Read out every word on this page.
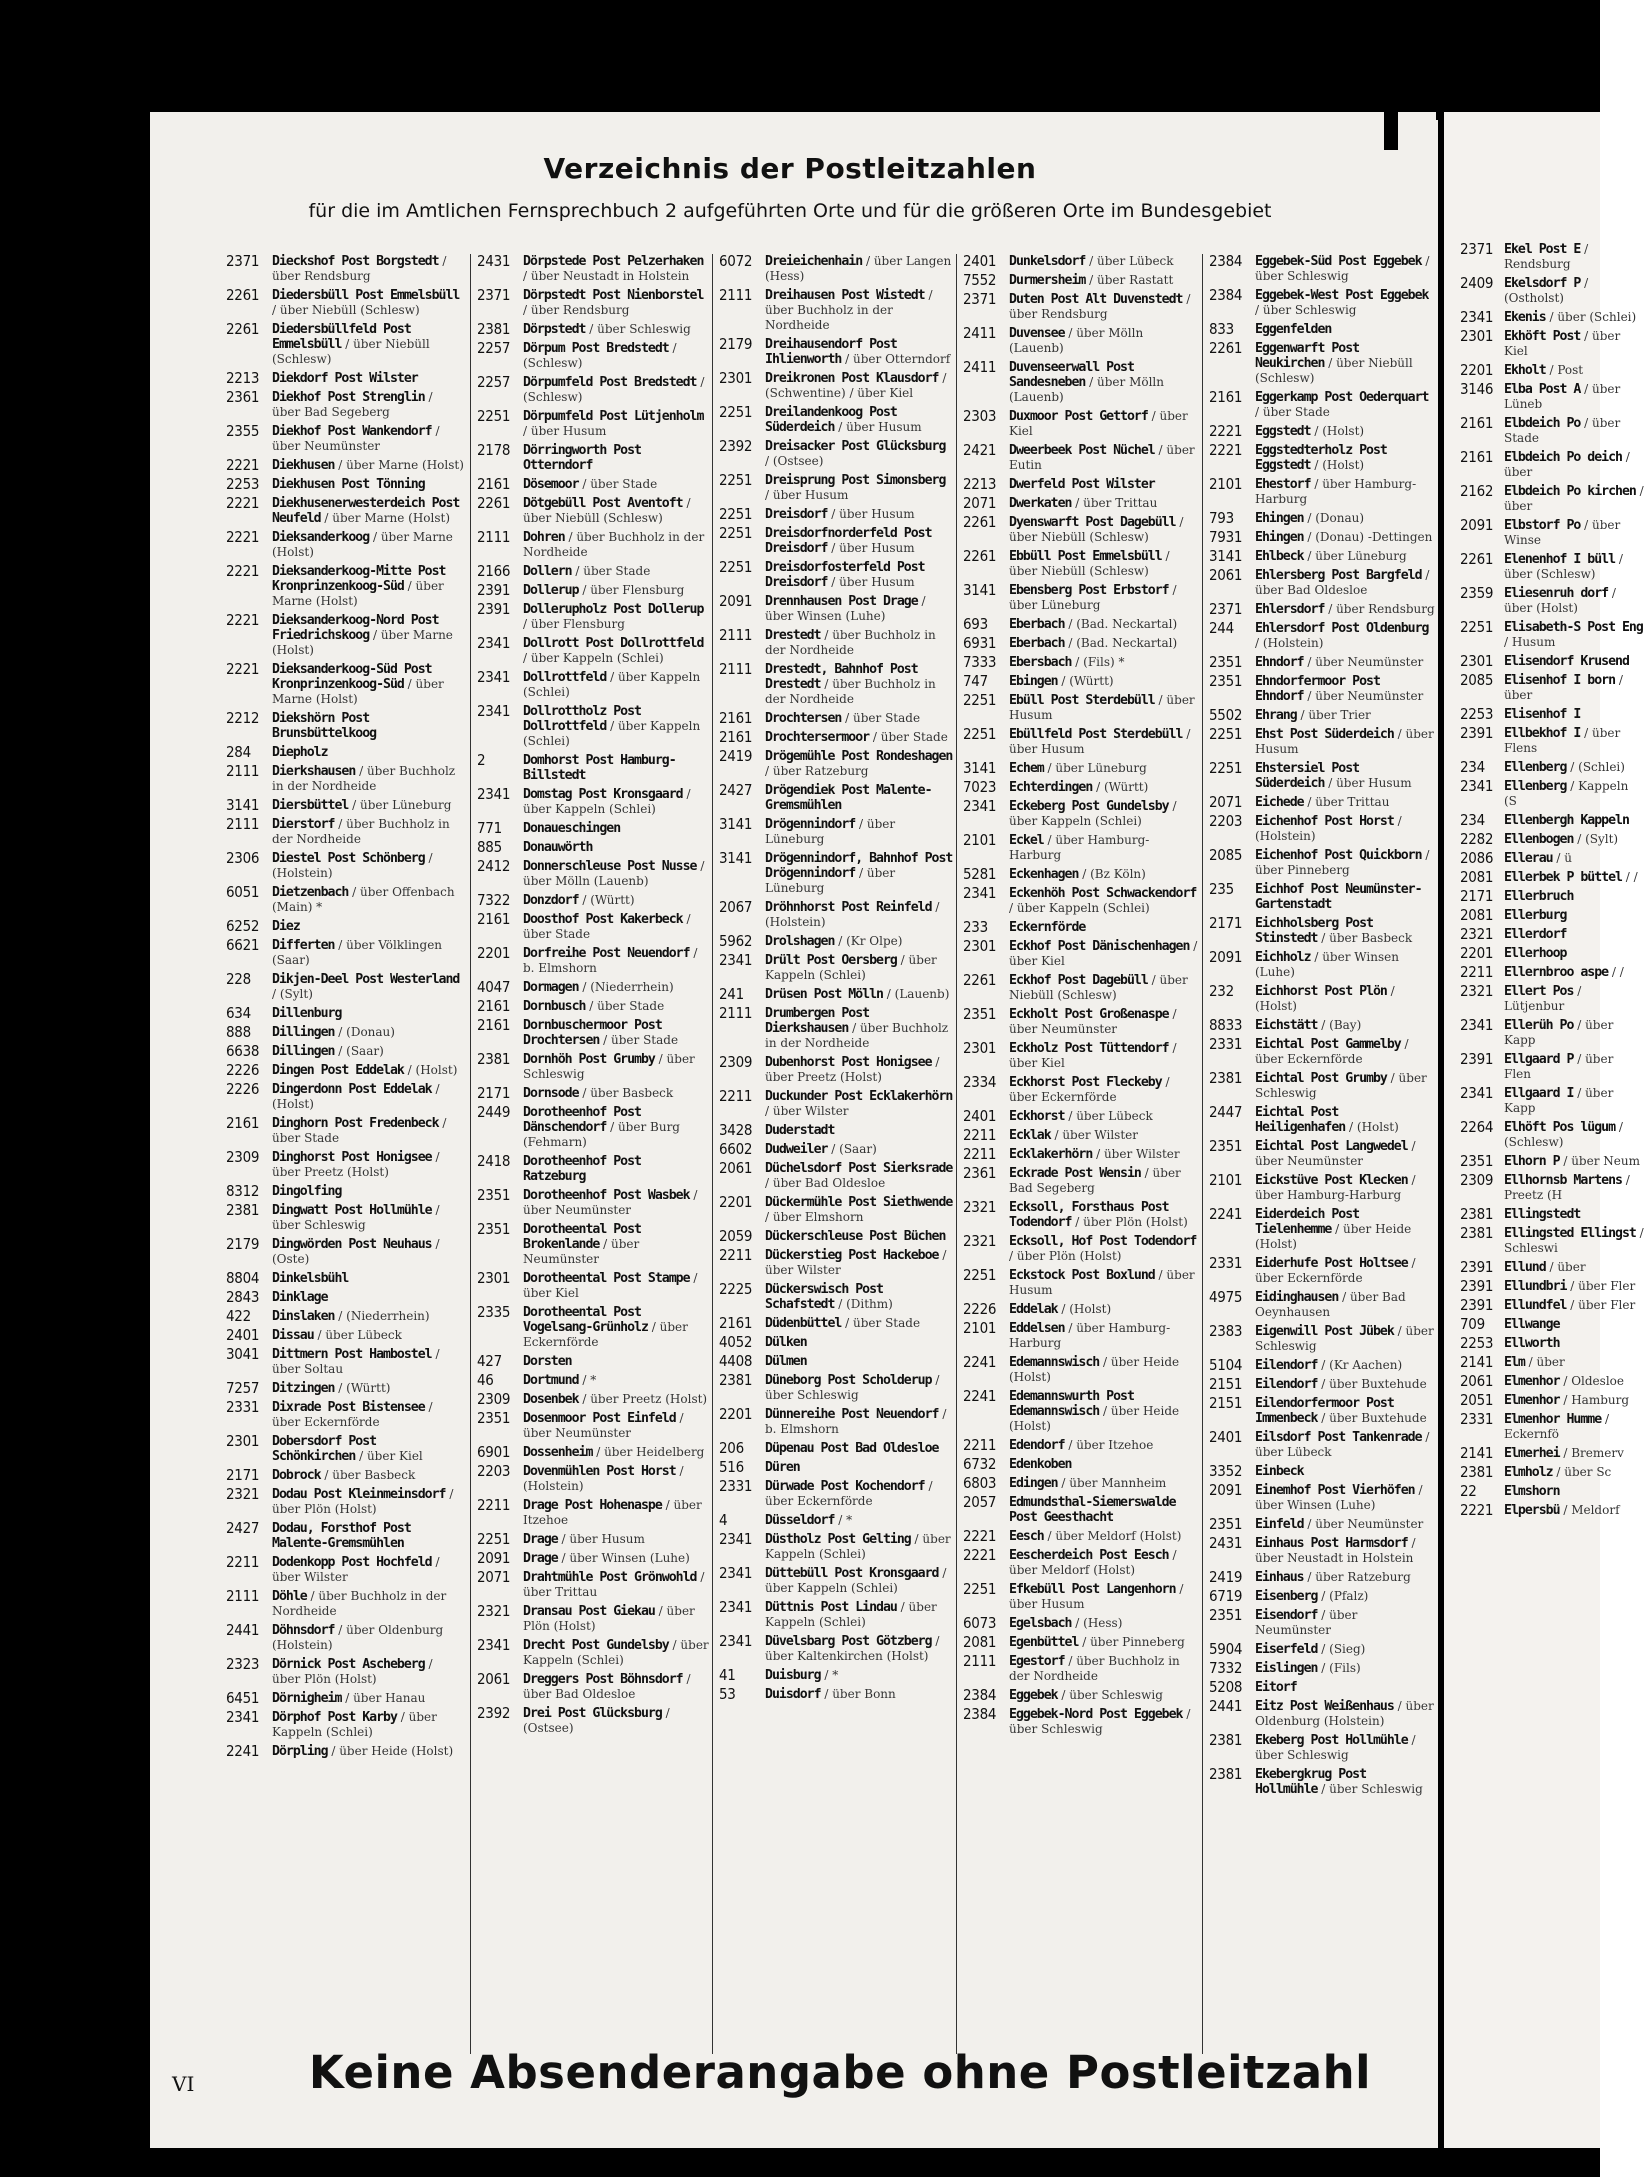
2371 Ekel Post E / Rendsburg
2409 Ekelsdorf P / (Ostholst)
2341 Ekenis / über (Schlei)
2301 Ekhöft Post / über Kiel
2201 Ekholt / Post
3146 Elba Post A / über Lüneb
2161 Elbdeich Po / über Stade
2161 Elbdeich Po deich / über
2162 Elbdeich Po kirchen / über
2091 Elbstorf Po / über Winse
2261 Elenenhof I büll / über (Schlesw)
2359 Eliesenruh dorf / über (Holst)
2251 Elisabeth-S Post Eng / Husum
2301 Elisendorf Krusend
2085 Elisenhof I born / über
2253 Elisenhof I
2391 Ellbekhof I / über Flens
234	Ellenberg / (Schlei)
2341 Ellenberg / Kappeln (S
234	Ellenbergh Kappeln
2282 Ellenbogen / (Sylt)
2086 Ellerau / ü
2081 Ellerbek P büttel / /
2171 Ellerbruch
2081 Ellerburg
2321 Ellerdorf
2201 Ellerhoop
2211 Ellernbroo aspe / /
2321 Ellert Pos / Lütjenbur
2341 Ellerüh Po / über Kapp
2391 Ellgaard P / über Flen
2341 Ellgaard I / über Kapp
2264 Elhöft Pos lügum / (Schlesw)
2351 Elhorn P / über Neum
2309 Ellhornsb Martens / Preetz (H
2381 Ellingstedt
2381 Ellingsted Ellingst / Schleswi
2391 Ellund / über
2391 Ellundbri / über Fler
2391 Ellundfel / über Fler
709	Ellwange
2253 Ellworth
2141 Elm / über
2061 Elmenhor / Oldesloe
2051 Elmenhor / Hamburg
2331 Elmenhor Humme / Eckernfö
2141 Elmerhei / Bremerv
2381 Elmholz / über Sc
22	Elmshorn
2221 Elpersbü / Meldorf
Verzeichnis der Postleitzahlen
für die im Amtlichen Fernsprechbuch 2 aufgeführten Orte und für die größeren Orte im Bundesgebiet
2371 Dieckshof Post Borgstedt / über Rendsburg
2261 Diedersbüll Post Emmelsbüll / über Niebüll (Schlesw)
2261 Diedersbüllfeld Post Emmelsbüll / über Niebüll (Schlesw)
2213 Diekdorf Post Wilster
2361 Diekhof Post Strenglin / über Bad Segeberg
2355 Diekhof Post Wankendorf / über Neumünster
2221 Diekhusen / über Marne (Holst)
2253 Diekhusen Post Tönning
2221 Diekhusenerwesterdeich Post Neufeld / über Marne (Holst)
2221 Dieksanderkoog / über Marne (Holst)
2221 Dieksanderkoog-Mitte Post Kronprinzenkoog-Süd / über Marne (Holst)
2221 Dieksanderkoog-Nord Post Friedrichskoog / über Marne (Holst)
2221 Dieksanderkoog-Süd Post Kronprinzenkoog-Süd / über Marne (Holst)
2212 Diekshörn Post Brunsbüttelkoog
284	Diepholz
2111 Dierkshausen / über Buchholz in der Nordheide
3141 Diersbüttel / über Lüneburg
2111 Dierstorf / über Buchholz in der Nordheide
2306 Diestel Post Schönberg / (Holstein)
6051 Dietzenbach / über Offenbach (Main) *
6252 Diez
6621 Differten / über Völklingen (Saar)
228	Dikjen-Deel Post Westerland / (Sylt)
634	Dillenburg
888	Dillingen / (Donau)
6638 Dillingen / (Saar)
2226 Dingen Post Eddelak / (Holst)
2226 Dingerdonn Post Eddelak / (Holst)
2161 Dinghorn Post Fredenbeck / über Stade
2309 Dinghorst Post Honigsee / über Preetz (Holst)
8312 Dingolfing
2381 Dingwatt Post Hollmühle / über Schleswig
2179 Dingwörden Post Neuhaus / (Oste)
8804 Dinkelsbühl
2843 Dinklage
422	Dinslaken / (Niederrhein)
2401 Dissau / über Lübeck
3041 Dittmern Post Hambostel / über Soltau
7257 Ditzingen / (Württ)
2331 Dixrade Post Bistensee / über Eckernförde
2301 Dobersdorf Post Schönkirchen / über Kiel
2171 Dobrock / über Basbeck
2321 Dodau Post Kleinmeinsdorf / über Plön (Holst)
2427 Dodau, Forsthof Post Malente-Gremsmühlen
2211 Dodenkopp Post Hochfeld / über Wilster
2111 Döhle / über Buchholz in der Nordheide
2441 Döhnsdorf / über Oldenburg (Holstein)
2323 Dörnick Post Ascheberg / über Plön (Holst)
6451 Dörnigheim / über Hanau
2341 Dörphof Post Karby / über Kappeln (Schlei)
2241 Dörpling / über Heide (Holst)
2431 Dörpstede Post Pelzerhaken / über Neustadt in Holstein
2371 Dörpstedt Post Nienborstel / über Rendsburg
2381 Dörpstedt / über Schleswig
2257 Dörpum Post Bredstedt / (Schlesw)
2257 Dörpumfeld Post Bredstedt / (Schlesw)
2251 Dörpumfeld Post Lütjenholm / über Husum
2178 Dörringworth Post Otterndorf
2161 Dösemoor / über Stade
2261 Dötgebüll Post Aventoft / über Niebüll (Schlesw)
2111 Dohren / über Buchholz in der Nordheide
2166 Dollern / über Stade
2391 Dollerup / über Flensburg
2391 Dollerupholz Post Dollerup / über Flensburg
2341 Dollrott Post Dollrottfeld / über Kappeln (Schlei)
2341 Dollrottfeld / über Kappeln (Schlei)
2341 Dollrottholz Post Dollrottfeld / über Kappeln (Schlei)
2	Domhorst Post Hamburg-Billstedt
2341 Domstag Post Kronsgaard / über Kappeln (Schlei)
771	Donaueschingen
885	Donauwörth
2412 Donnerschleuse Post Nusse / über Mölln (Lauenb)
7322 Donzdorf / (Württ)
2161 Doosthof Post Kakerbeck / über Stade
2201 Dorfreihe Post Neuendorf / b. Elmshorn
4047 Dormagen / (Niederrhein)
2161 Dornbusch / über Stade
2161 Dornbuschermoor Post Drochtersen / über Stade
2381 Dornhöh Post Grumby / über Schleswig
2171 Dornsode / über Basbeck
2449 Dorotheenhof Post Dänschendorf / über Burg (Fehmarn)
2418 Dorotheenhof Post Ratzeburg
2351 Dorotheenhof Post Wasbek / über Neumünster
2351 Dorotheental Post Brokenlande / über Neumünster
2301 Dorotheental Post Stampe / über Kiel
2335 Dorotheental Post Vogelsang-Grünholz / über Eckernförde
427	Dorsten
46	Dortmund / *
2309 Dosenbek / über Preetz (Holst)
2351 Dosenmoor Post Einfeld / über Neumünster
6901 Dossenheim / über Heidelberg
2203 Dovenmühlen Post Horst / (Holstein)
2211 Drage Post Hohenaspe / über Itzehoe
2251 Drage / über Husum
2091 Drage / über Winsen (Luhe)
2071 Drahtmühle Post Grönwohld / über Trittau
2321 Dransau Post Giekau / über Plön (Holst)
2341 Drecht Post Gundelsby / über Kappeln (Schlei)
2061 Dreggers Post Böhnsdorf / über Bad Oldesloe
2392 Drei Post Glücksburg / (Ostsee)
6072 Dreieichenhain / über Langen (Hess)
2111 Dreihausen Post Wistedt / über Buchholz in der Nordheide
2179 Dreihausendorf Post Ihlienworth / über Otterndorf
2301 Dreikronen Post Klausdorf / (Schwentine) / über Kiel
2251 Dreilandenkoog Post Süderdeich / über Husum
2392 Dreisacker Post Glücksburg / (Ostsee)
2251 Dreisprung Post Simonsberg / über Husum
2251 Dreisdorf / über Husum
2251 Dreisdorfnorderfeld Post Dreisdorf / über Husum
2251 Dreisdorfosterfeld Post Dreisdorf / über Husum
2091 Drennhausen Post Drage / über Winsen (Luhe)
2111 Drestedt / über Buchholz in der Nordheide
2111 Drestedt, Bahnhof Post Drestedt / über Buchholz in der Nordheide
2161 Drochtersen / über Stade
2161 Drochtersermoor / über Stade
2419 Drögemühle Post Rondeshagen / über Ratzeburg
2427 Drögendiek Post Malente-Gremsmühlen
3141 Drögennindorf / über Lüneburg
3141 Drögennindorf, Bahnhof Post Drögennindorf / über Lüneburg
2067 Dröhnhorst Post Reinfeld / (Holstein)
5962 Drolshagen / (Kr Olpe)
2341 Drült Post Oersberg / über Kappeln (Schlei)
241	Drüsen Post Mölln / (Lauenb)
2111 Drumbergen Post Dierkshausen / über Buchholz in der Nordheide
2309 Dubenhorst Post Honigsee / über Preetz (Holst)
2211 Duckunder Post Ecklakerhörn / über Wilster
3428 Duderstadt
6602 Dudweiler / (Saar)
2061 Düchelsdorf Post Sierksrade / über Bad Oldesloe
2201 Dückermühle Post Siethwende / über Elmshorn
2059 Dückerschleuse Post Büchen
2211 Dückerstieg Post Hackeboe / über Wilster
2225 Dückerswisch Post Schafstedt / (Dithm)
2161 Düdenbüttel / über Stade
4052 Dülken
4408 Dülmen
2381 Düneborg Post Scholderup / über Schleswig
2201 Dünnereihe Post Neuendorf / b. Elmshorn
206	Düpenau Post Bad Oldesloe
516	Düren
2331 Dürwade Post Kochendorf / über Eckernförde
4	Düsseldorf / *
2341 Düstholz Post Gelting / über Kappeln (Schlei)
2341 Düttebüll Post Kronsgaard / über Kappeln (Schlei)
2341 Düttnis Post Lindau / über Kappeln (Schlei)
2341 Düvelsbarg Post Götzberg / über Kaltenkirchen (Holst)
41	Duisburg / *
53	Duisdorf / über Bonn
2401 Dunkelsdorf / über Lübeck
7552 Durmersheim / über Rastatt
2371 Duten Post Alt Duvenstedt / über Rendsburg
2411 Duvensee / über Mölln (Lauenb)
2411 Duvenseerwall Post Sandesneben / über Mölln (Lauenb)
2303 Duxmoor Post Gettorf / über Kiel
2421 Dweerbeek Post Nüchel / über Eutin
2213 Dwerfeld Post Wilster
2071 Dwerkaten / über Trittau
2261 Dyenswarft Post Dagebüll / über Niebüll (Schlesw)
2261 Ebbüll Post Emmelsbüll / über Niebüll (Schlesw)
3141 Ebensberg Post Erbstorf / über Lüneburg
693	Eberbach / (Bad. Neckartal)
6931 Eberbach / (Bad. Neckartal)
7333 Ebersbach / (Fils) *
747	Ebingen / (Württ)
2251 Ebüll Post Sterdebüll / über Husum
2251 Ebüllfeld Post Sterdebüll / über Husum
3141 Echem / über Lüneburg
7023 Echterdingen / (Württ)
2341 Eckeberg Post Gundelsby / über Kappeln (Schlei)
2101 Eckel / über Hamburg-Harburg
5281 Eckenhagen / (Bz Köln)
2341 Eckenhöh Post Schwackendorf / über Kappeln (Schlei)
233	Eckernförde
2301 Eckhof Post Dänischenhagen / über Kiel
2261 Eckhof Post Dagebüll / über Niebüll (Schlesw)
2351 Eckholt Post Großenaspe / über Neumünster
2301 Eckholz Post Tüttendorf / über Kiel
2334 Eckhorst Post Fleckeby / über Eckernförde
2401 Eckhorst / über Lübeck
2211 Ecklak / über Wilster
2211 Ecklakerhörn / über Wilster
2361 Eckrade Post Wensin / über Bad Segeberg
2321 Ecksoll, Forsthaus Post Todendorf / über Plön (Holst)
2321 Ecksoll, Hof Post Todendorf / über Plön (Holst)
2251 Eckstock Post Boxlund / über Husum
2226 Eddelak / (Holst)
2101 Eddelsen / über Hamburg-Harburg
2241 Edemannswisch / über Heide (Holst)
2241 Edemannswurth Post Edemannswisch / über Heide (Holst)
2211 Edendorf / über Itzehoe
6732 Edenkoben
6803 Edingen / über Mannheim
2057 Edmundsthal-Siemerswalde Post Geesthacht
2221 Eesch / über Meldorf (Holst)
2221 Eescherdeich Post Eesch / über Meldorf (Holst)
2251 Efkebüll Post Langenhorn / über Husum
6073 Egelsbach / (Hess)
2081 Egenbüttel / über Pinneberg
2111 Egestorf / über Buchholz in der Nordheide
2384 Eggebek / über Schleswig
2384 Eggebek-Nord Post Eggebek / über Schleswig
2384 Eggebek-Süd Post Eggebek / über Schleswig
2384 Eggebek-West Post Eggebek / über Schleswig
833	Eggenfelden
2261 Eggenwarft Post Neukirchen / über Niebüll (Schlesw)
2161 Eggerkamp Post Oederquart / über Stade
2221 Eggstedt / (Holst)
2221 Eggstedterholz Post Eggstedt / (Holst)
2101 Ehestorf / über Hamburg-Harburg
793	Ehingen / (Donau)
7931 Ehingen / (Donau) -Dettingen
3141 Ehlbeck / über Lüneburg
2061 Ehlersberg Post Bargfeld / über Bad Oldesloe
2371 Ehlersdorf / über Rendsburg
244	Ehlersdorf Post Oldenburg / (Holstein)
2351 Ehndorf / über Neumünster
2351 Ehndorfermoor Post Ehndorf / über Neumünster
5502 Ehrang / über Trier
2251 Ehst Post Süderdeich / über Husum
2251 Ehstersiel Post Süderdeich / über Husum
2071 Eichede / über Trittau
2203 Eichenhof Post Horst / (Holstein)
2085 Eichenhof Post Quickborn / über Pinneberg
235	Eichhof Post Neumünster-Gartenstadt
2171 Eichholsberg Post Stinstedt / über Basbeck
2091 Eichholz / über Winsen (Luhe)
232	Eichhorst Post Plön / (Holst)
8833 Eichstätt / (Bay)
2331 Eichtal Post Gammelby / über Eckernförde
2381 Eichtal Post Grumby / über Schleswig
2447 Eichtal Post Heiligenhafen / (Holst)
2351 Eichtal Post Langwedel / über Neumünster
2101 Eickstüve Post Klecken / über Hamburg-Harburg
2241 Eiderdeich Post Tielenhemme / über Heide (Holst)
2331 Eiderhufe Post Holtsee / über Eckernförde
4975 Eidinghausen / über Bad Oeynhausen
2383 Eigenwill Post Jübek / über Schleswig
5104 Eilendorf / (Kr Aachen)
2151 Eilendorf / über Buxtehude
2151 Eilendorfermoor Post Immenbeck / über Buxtehude
2401 Eilsdorf Post Tankenrade / über Lübeck
3352 Einbeck
2091 Einemhof Post Vierhöfen / über Winsen (Luhe)
2351 Einfeld / über Neumünster
2431 Einhaus Post Harmsdorf / über Neustadt in Holstein
2419 Einhaus / über Ratzeburg
6719 Eisenberg / (Pfalz)
2351 Eisendorf / über Neumünster
5904 Eiserfeld / (Sieg)
7332 Eislingen / (Fils)
5208 Eitorf
2441 Eitz Post Weißenhaus / über Oldenburg (Holstein)
2381 Ekeberg Post Hollmühle / über Schleswig
2381 Ekebergkrug Post Hollmühle / über Schleswig
VI	Keine Absenderangabe ohne Postleitzahl
